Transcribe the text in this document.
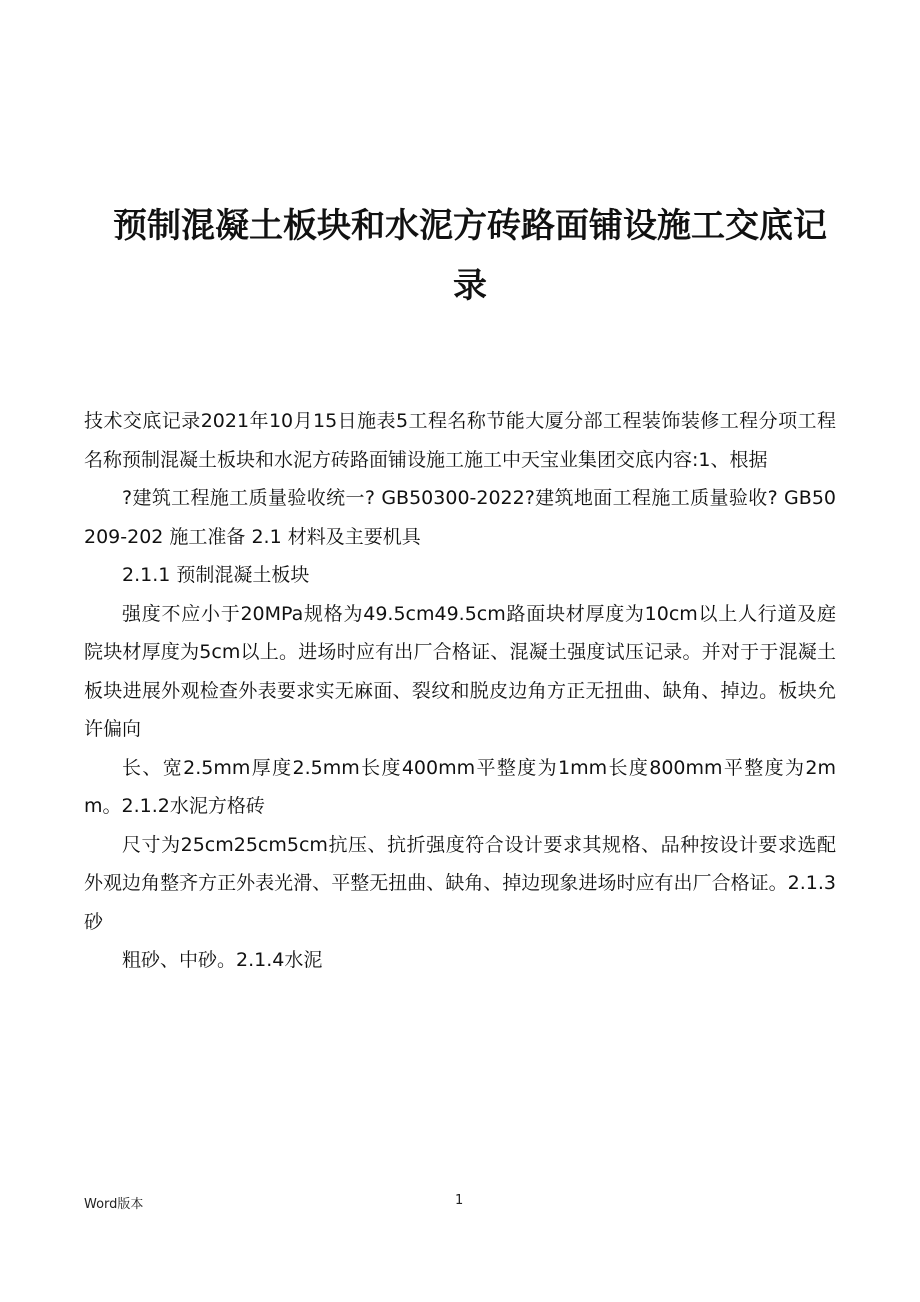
预制混凝土板块和水泥方砖路面铺设施工交底记录

技术交底记录2021年10月15日施表5工程名称节能大厦分部工程装饰装修工程分项工程名称预制混凝土板块和水泥方砖路面铺设施工施工中天宝业集团交底内容:1、根据

?建筑工程施工质量验收统一? GB50300-2022?建筑地面工程施工质量验收? GB50209-202 施工准备 2.1 材料及主要机具

2.1.1 预制混凝土板块

强度不应小于20MPa规格为49.5cm49.5cm路面块材厚度为10cm以上人行道及庭院块材厚度为5cm以上。进场时应有出厂合格证、混凝土强度试压记录。并对于于混凝土板块进展外观检查外表要求实无麻面、裂纹和脱皮边角方正无扭曲、缺角、掉边。板块允许偏向

长、宽2.5mm厚度2.5mm长度400mm平整度为1mm长度800mm平整度为2mm。2.1.2水泥方格砖

尺寸为25cm25cm5cm抗压、抗折强度符合设计要求其规格、品种按设计要求选配外观边角整齐方正外表光滑、平整无扭曲、缺角、掉边现象进场时应有出厂合格证。2.1.3砂

粗砂、中砂。2.1.4水泥

Word版本	1
